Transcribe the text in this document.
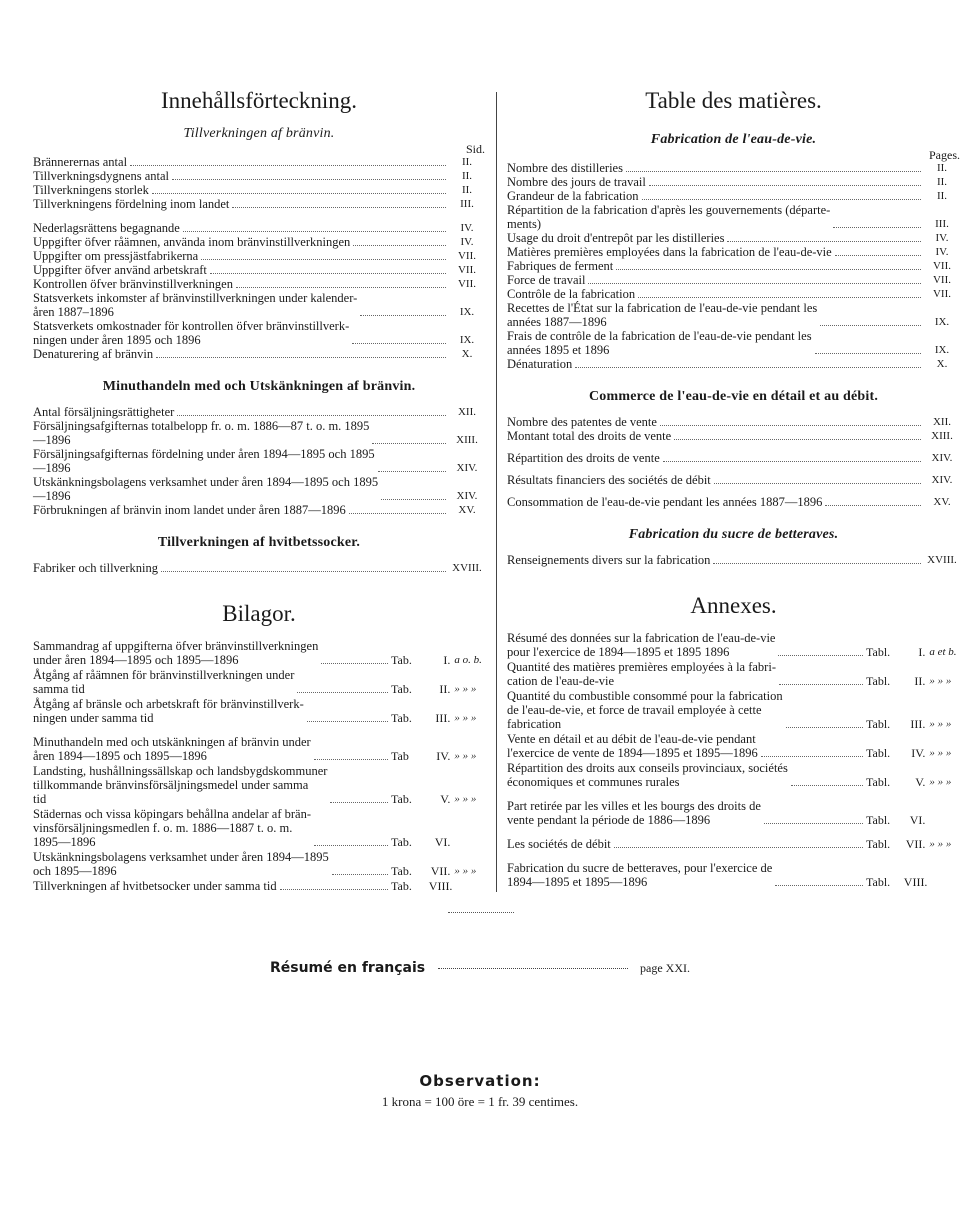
Innehållsförteckning.
Tillverkningen af bränvin.
Sid.
Brännerernas antal	II.
Tillverkningsdygnens antal	II.
Tillverkningens storlek	II.
Tillverkningens fördelning inom landet	III.
Nederlagsrättens begagnande	IV.
Uppgifter öfver råämnen, använda inom bränvinstillverkningen	IV.
Uppgifter om pressjästfabrikerna	VII.
Uppgifter öfver använd arbetskraft	VII.
Kontrollen öfver bränvinstillverkningen	VII.
Statsverkets inkomster af bränvinstillverkningen under kalender-
åren 1887–1896	IX.
Statsverkets omkostnader för kontrollen öfver bränvinstillverk-
ningen under åren 1895 och 1896	IX.
Denaturering af bränvin	X.
Minuthandeln med och Utskänkningen af bränvin.
Antal försäljningsrättigheter	XII.
Försäljningsafgifternas totalbelopp fr. o. m. 1886—87 t. o. m. 1895
—1896	XIII.
Försäljningsafgifternas fördelning under åren 1894—1895 och 1895
—1896	XIV.
Utskänkningsbolagens verksamhet under åren 1894—1895 och 1895
—1896	XIV.
Förbrukningen af bränvin inom landet under åren 1887—1896	XV.
Tillverkningen af hvitbetssocker.
Fabriker och tillverkning	XVIII.
Bilagor.
Sammandrag af uppgifterna öfver bränvinstillverkningen
under åren 1894—1895 och 1895—1896	Tab.	I. a o. b.
Åtgång af råämnen för bränvinstillverkningen under
samma tid	Tab.	II. » » »
Åtgång af bränsle och arbetskraft för bränvinstillverk-
ningen under samma tid	Tab.	III. » » »
Minuthandeln med och utskänkningen af bränvin under
åren 1894—1895 och 1895—1896	Tab	IV. » » »
Landsting, hushållningssällskap och landsbygdskommuner
tillkommande bränvinsförsäljningsmedel under samma
tid	Tab.	V. » » »
Städernas och vissa köpingars behållna andelar af brän-
vinsförsäljningsmedlen f. o. m. 1886—1887 t. o. m.
1895—1896	Tab.	VI.
Utskänkningsbolagens verksamhet under åren 1894—1895
och 1895—1896	Tab.	VII. » » »
Tillverkningen af hvitbetsocker under samma tid	Tab.	VIII.
Table des matières.
Fabrication de l'eau-de-vie.
Pages.
Nombre des distilleries	II.
Nombre des jours de travail	II.
Grandeur de la fabrication	II.
Répartition de la fabrication d'après les gouvernements (départe-
ments)	III.
Usage du droit d'entrepôt par les distilleries	IV.
Matières premières employées dans la fabrication de l'eau-de-vie	IV.
Fabriques de ferment	VII.
Force de travail	VII.
Contrôle de la fabrication	VII.
Recettes de l'État sur la fabrication de l'eau-de-vie pendant les
années 1887—1896	IX.
Frais de contrôle de la fabrication de l'eau-de-vie pendant les
années 1895 et 1896	IX.
Dénaturation	X.
Commerce de l'eau-de-vie en détail et au débit.
Nombre des patentes de vente	XII.
Montant total des droits de vente	XIII.
Répartition des droits de vente	XIV.
Résultats financiers des sociétés de débit	XIV.
Consommation de l'eau-de-vie pendant les années 1887—1896	XV.
Fabrication du sucre de betteraves.
Renseignements divers sur la fabrication	XVIII.
Annexes.
Résumé des données sur la fabrication de l'eau-de-vie
pour l'exercice de 1894—1895 et 1895 1896	Tabl.	I. a et b.
Quantité des matières premières employées à la fabri-
cation de l'eau-de-vie	Tabl.	II. » » »
Quantité du combustible consommé pour la fabrication
de l'eau-de-vie, et force de travail employée à cette
fabrication	Tabl.	III. » » »
Vente en détail et au débit de l'eau-de-vie pendant
l'exercice de vente de 1894—1895 et 1895—1896	Tabl.	IV. » » »
Répartition des droits aux conseils provinciaux, sociétés
économiques et communes rurales	Tabl.	V. » » »
Part retirée par les villes et les bourgs des droits de
vente pendant la période de 1886—1896	Tabl.	VI.
Les sociétés de débit	Tabl.	VII. » » »
Fabrication du sucre de betteraves, pour l'exercice de
1894—1895 et 1895—1896	Tabl.	VIII.
Résumé en français	page XXI.
Observation:
1 krona = 100 öre = 1 fr. 39 centimes.
